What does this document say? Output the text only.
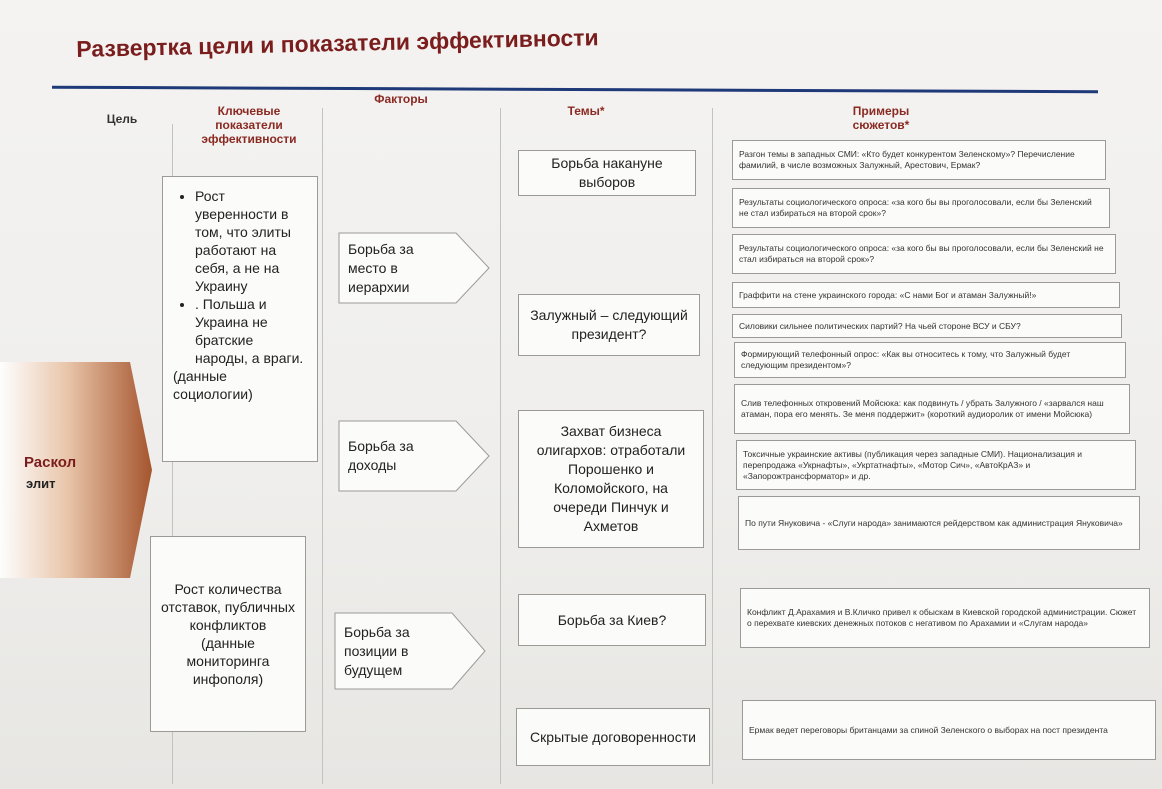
Развертка цели и показатели эффективности
Цель
Ключевые показатели эффективности
Факторы
Темы*	Примеры сюжетов*
Раскол
элит
• Рост уверенности в том, что элиты работают на себя, а не на Украину
• . Польша и Украина не братские народы, а враги.
(данные социологии)
Рост количества отставок, публичных конфликтов (данные мониторинга инфополя)
Борьба за место в иерархии
Борьба за доходы
Борьба за позиции в будущем
Борьба накануне выборов
Залужный – следующий президент?
Захват бизнеса олигархов: отработали Порошенко и Коломойского, на очереди Пинчук и Ахметов
Борьба за Киев?
Скрытые договоренности
Разгон темы в западных СМИ: «Кто будет конкурентом Зеленскому»? Перечисление фамилий, в числе возможных Залужный, Арестович, Ермак?
Результаты социологического опроса: «за кого бы вы проголосовали, если бы Зеленский не стал избираться на второй срок»?
Результаты социологического опроса: «за кого бы вы проголосовали, если бы Зеленский не стал избираться на второй срок»?
Граффити на стене украинского города: «С нами Бог и атаман Залужный!»
Силовики сильнее политических партий? На чьей стороне ВСУ и СБУ?
Формирующий телефонный опрос: «Как вы относитесь к тому, что Залужный будет следующим президентом»?
Слив телефонных откровений Мойсюка: как подвинуть / убрать Залужного / «зарвался наш атаман, пора его менять. Зе меня поддержит» (короткий аудиоролик от имени Мойсюка)
Токсичные украинские активы (публикация через западные СМИ). Национализация и перепродажа «Укрнафты», «Укртатнафты», «Мотор Сич», «АвтоКрАЗ» и «Запорожтрансформатор» и др.
По пути Януковича - «Слуги народа» занимаются рейдерством как администрация Януковича»
Конфликт Д.Арахамия и В.Кличко привел к обыскам в Киевской городской администрации. Сюжет о перехвате киевских денежных потоков с негативом по Арахамии и «Слугам народа»
Ермак ведет переговоры британцами за спиной Зеленского о выборах на пост президента
